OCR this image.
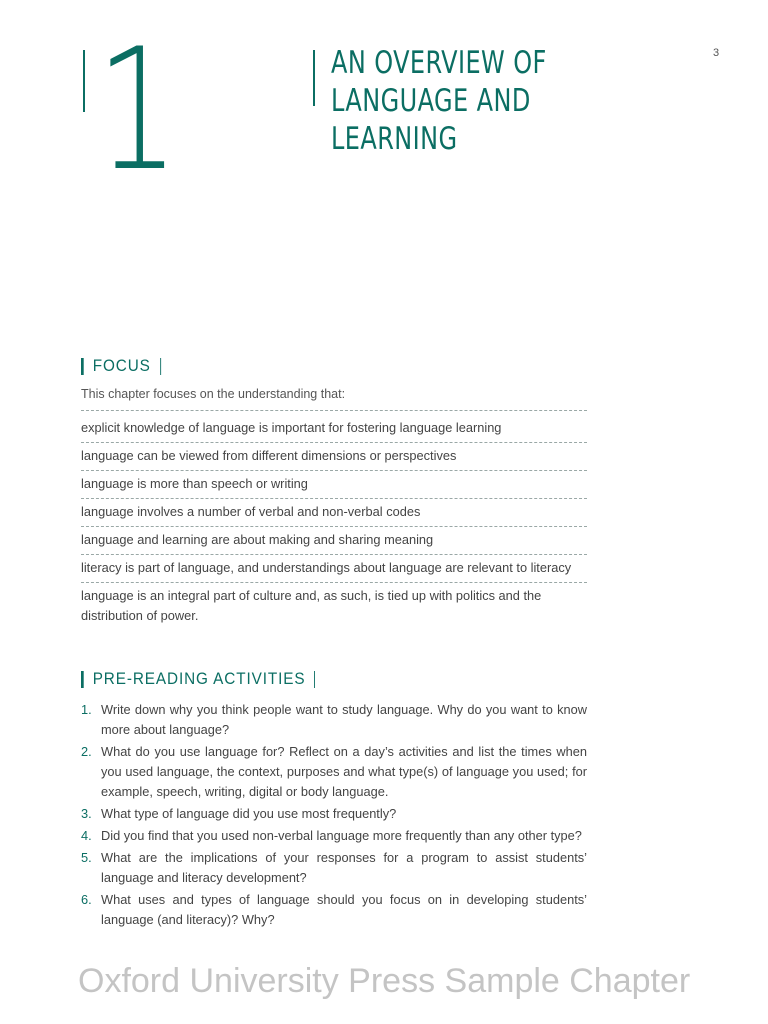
1	AN OVERVIEW OF
LANGUAGE AND
LEARNING
3
FOCUS
This chapter focuses on the understanding that:
explicit knowledge of language is important for fostering language learning
language can be viewed from different dimensions or perspectives
language is more than speech or writing
language involves a number of verbal and non-verbal codes
language and learning are about making and sharing meaning
literacy is part of language, and understandings about language are relevant to literacy
language is an integral part of culture and, as such, is tied up with politics and the distribution of power.
PRE-READING ACTIVITIES
1. Write down why you think people want to study language. Why do you want to know more about language?
2. What do you use language for? Reflect on a day’s activities and list the times when you used language, the context, purposes and what type(s) of language you used; for example, speech, writing, digital or body language.
3. What type of language did you use most frequently?
4. Did you find that you used non-verbal language more frequently than any other type?
5. What are the implications of your responses for a program to assist students’ language and literacy development?
6. What uses and types of language should you focus on in developing students’ language (and literacy)? Why?
Oxford University Press Sample Chapter
